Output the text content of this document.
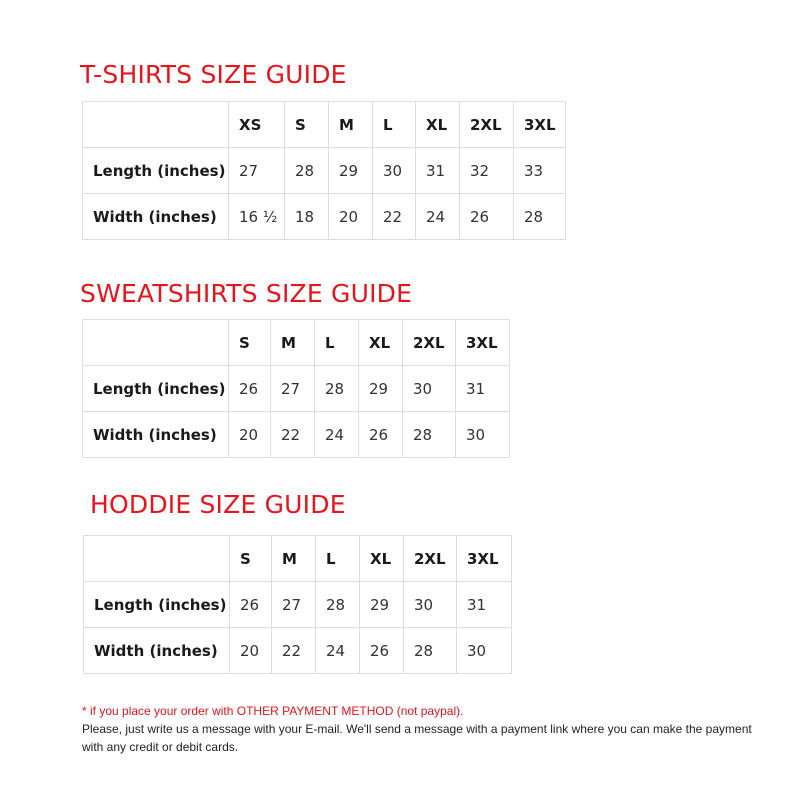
T-SHIRTS SIZE GUIDE
	XS	S	M	L	XL	2XL	3XL
Length (inches)	27	28	29	30	31	32	33
Width (inches)	16 ½	18	20	22	24	26	28
SWEATSHIRTS SIZE GUIDE
	S	M	L	XL	2XL	3XL
Length (inches)	26	27	28	29	30	31
Width (inches)	20	22	24	26	28	30
HODDIE SIZE GUIDE
	S	M	L	XL	2XL	3XL
Length (inches)	26	27	28	29	30	31
Width (inches)	20	22	24	26	28	30
* if you place your order with OTHER PAYMENT METHOD (not paypal).
Please, just write us a message with your E-mail. We'll send a message with a payment link where you can make the payment with any credit or debit cards.
